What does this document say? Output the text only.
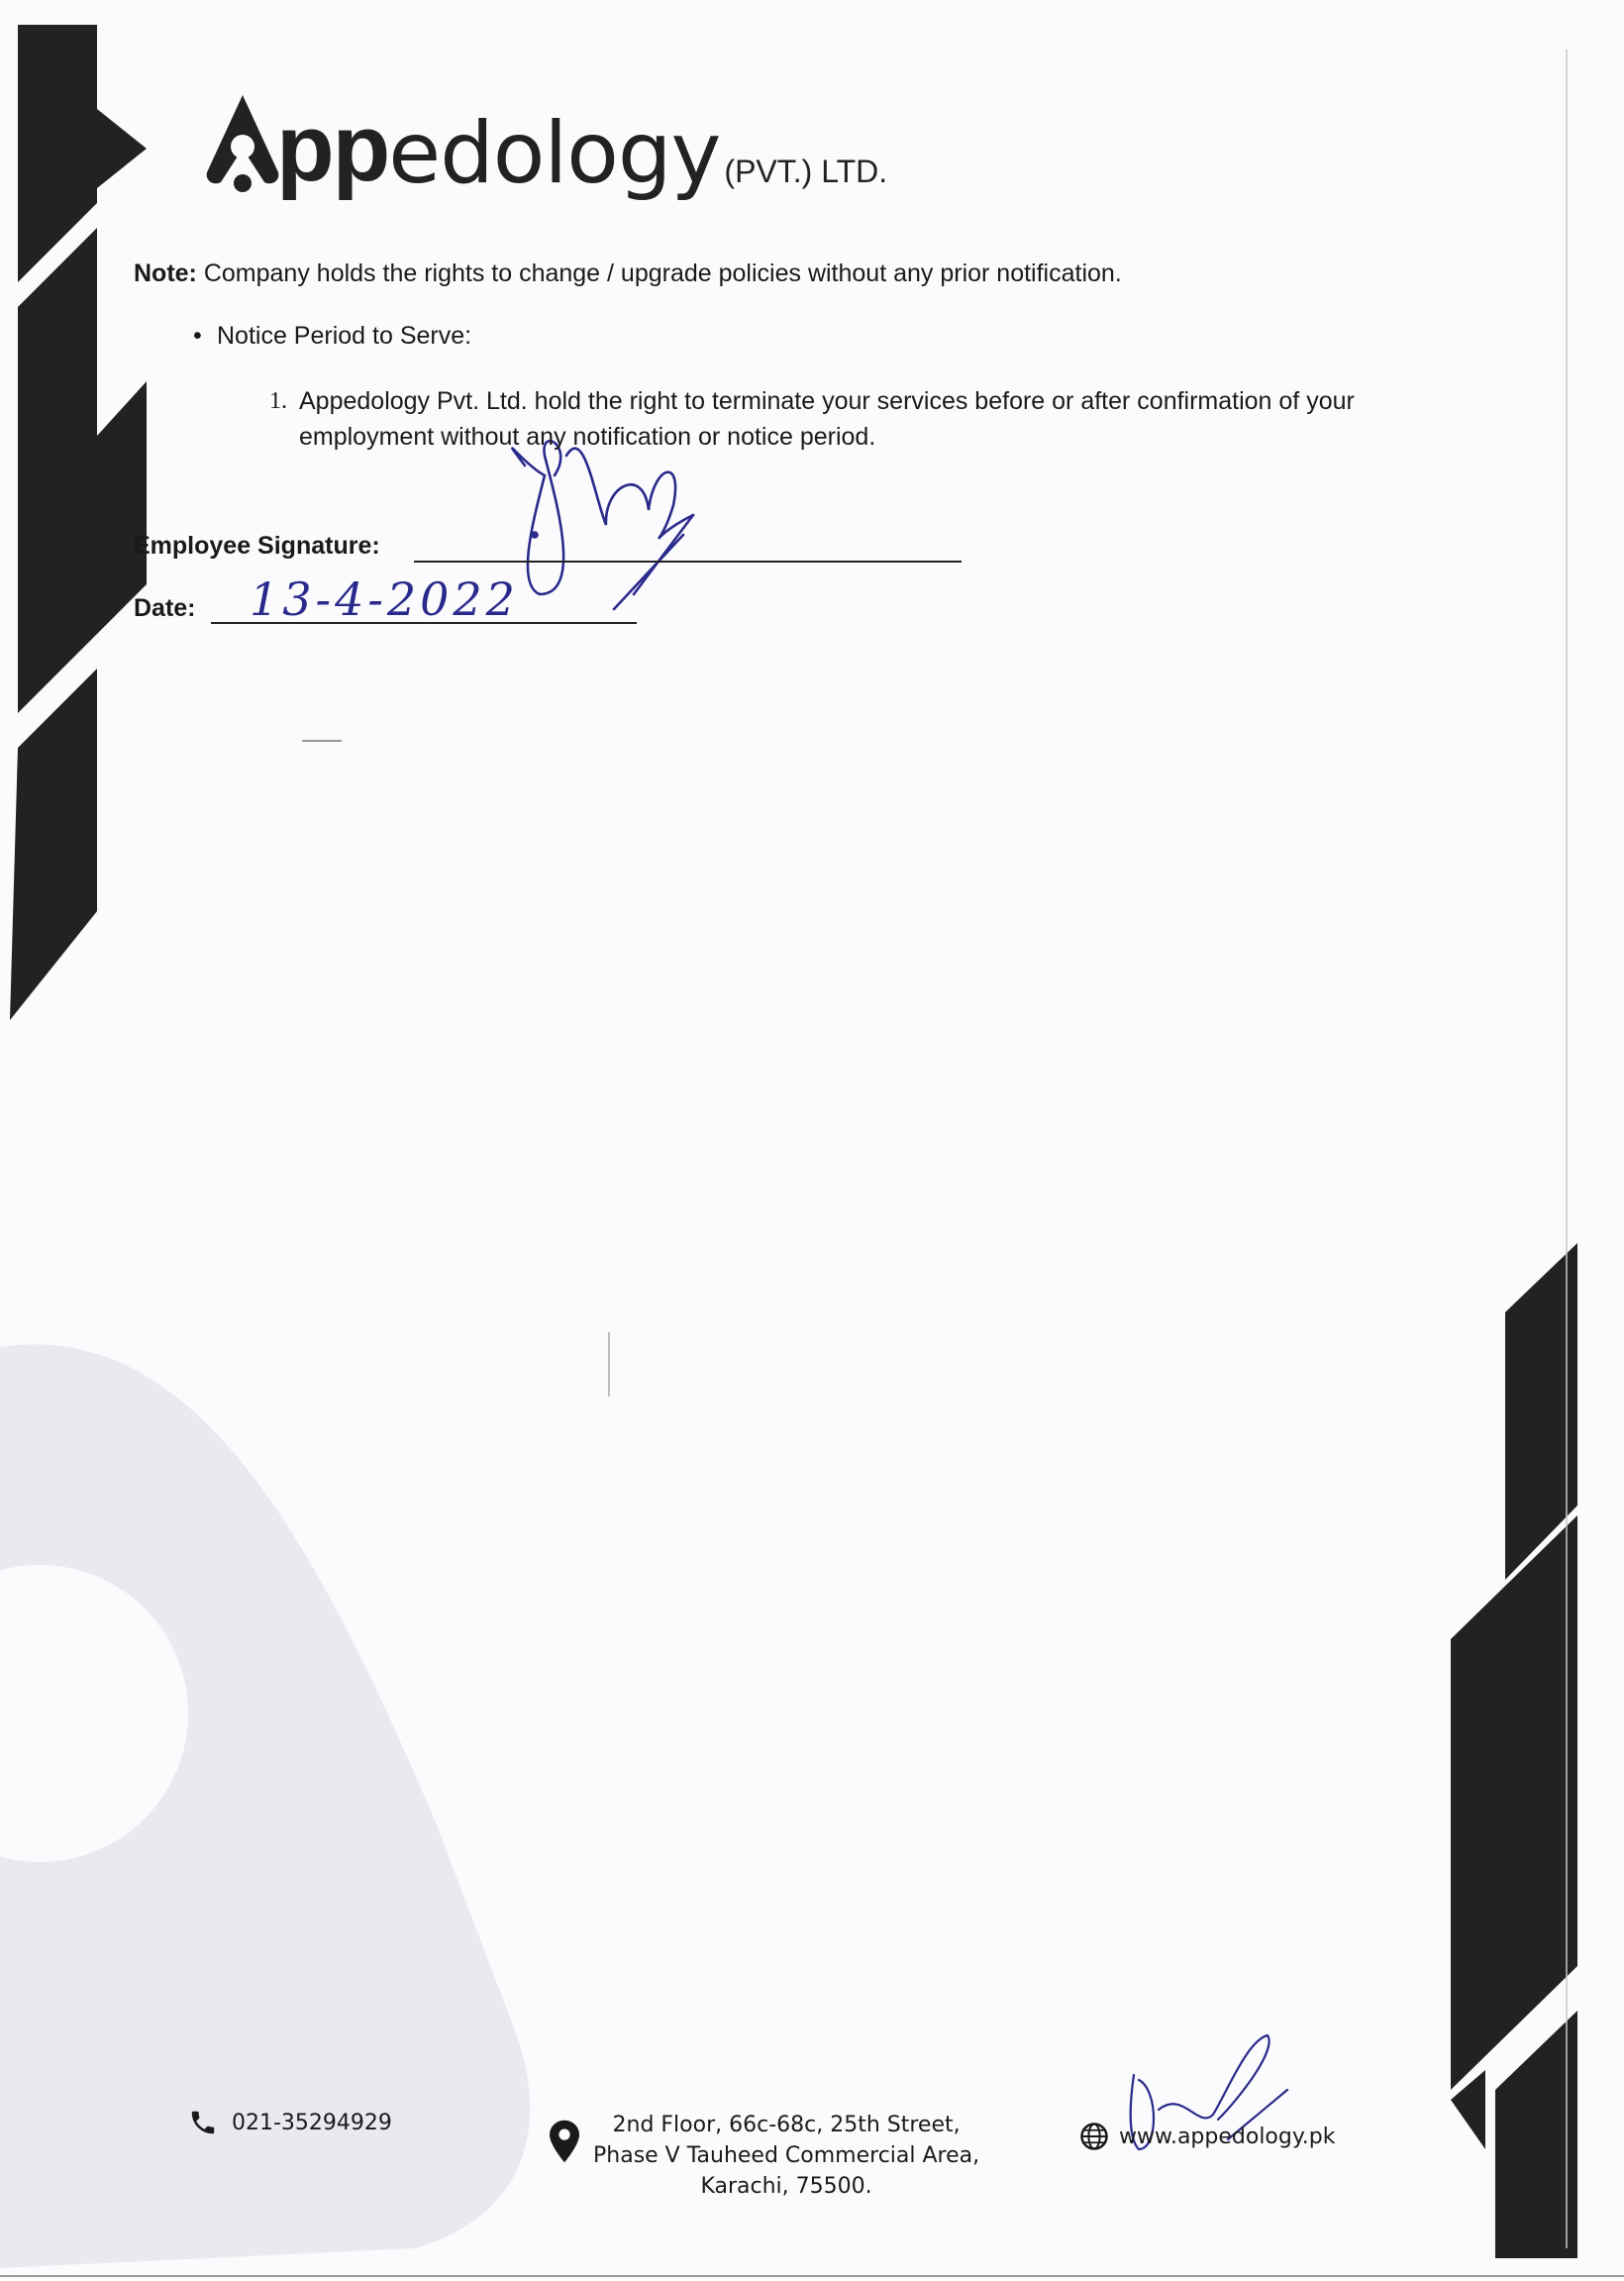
pp edology (PVT.) LTD.
Note: Company holds the rights to change / upgrade policies without any prior notification.
• Notice Period to Serve:
1. Appedology Pvt. Ltd. hold the right to terminate your services before or after confirmation of your employment without any notification or notice period.
Employee Signature:
Date: 13-4-2022
021-35294929	2nd Floor, 66c-68c, 25th Street,
Phase V Tauheed Commercial Area,
Karachi, 75500.
www.appedology.pk
